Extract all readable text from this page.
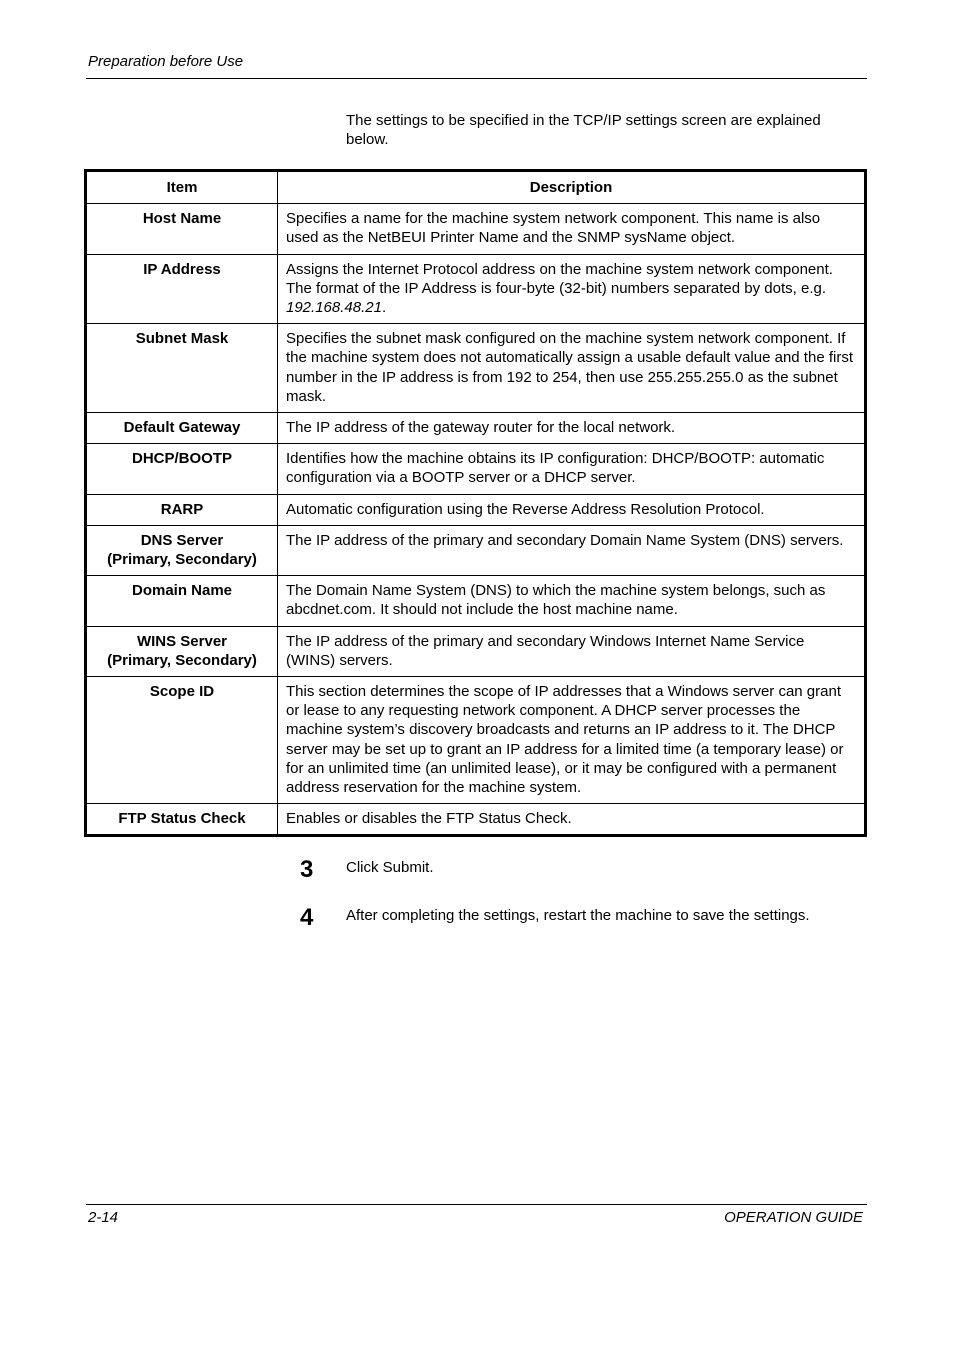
Preparation before Use
The settings to be specified in the TCP/IP settings screen are explained below.
Item	Description
Host Name	Specifies a name for the machine system network component. This name is also used as the NetBEUI Printer Name and the SNMP sysName object.
IP Address	Assigns the Internet Protocol address on the machine system network component. The format of the IP Address is four-byte (32-bit) numbers separated by dots, e.g. 192.168.48.21.
Subnet Mask	Specifies the subnet mask configured on the machine system network component. If the machine system does not automatically assign a usable default value and the first number in the IP address is from 192 to 254, then use 255.255.255.0 as the subnet mask.
Default Gateway	The IP address of the gateway router for the local network.
DHCP/BOOTP	Identifies how the machine obtains its IP configuration: DHCP/BOOTP: automatic configuration via a BOOTP server or a DHCP server.
RARP	Automatic configuration using the Reverse Address Resolution Protocol.

DNS Server
(Primary, Secondary)	The IP address of the primary and secondary Domain Name System (DNS) servers.
Domain Name	The Domain Name System (DNS) to which the machine system belongs, such as abcdnet.com. It should not include the host machine name.

WINS Server
(Primary, Secondary)	The IP address of the primary and secondary Windows Internet Name Service (WINS) servers.
Scope ID	This section determines the scope of IP addresses that a Windows server can grant or lease to any requesting network component. A DHCP server processes the machine system’s discovery broadcasts and returns an IP address to it. The DHCP server may be set up to grant an IP address for a limited time (a temporary lease) or for an unlimited time (an unlimited lease), or it may be configured with a permanent address reservation for the machine system.
FTP Status Check	Enables or disables the FTP Status Check.
3 Click Submit.
4 After completing the settings, restart the machine to save the settings.
2-14	OPERATION GUIDE
